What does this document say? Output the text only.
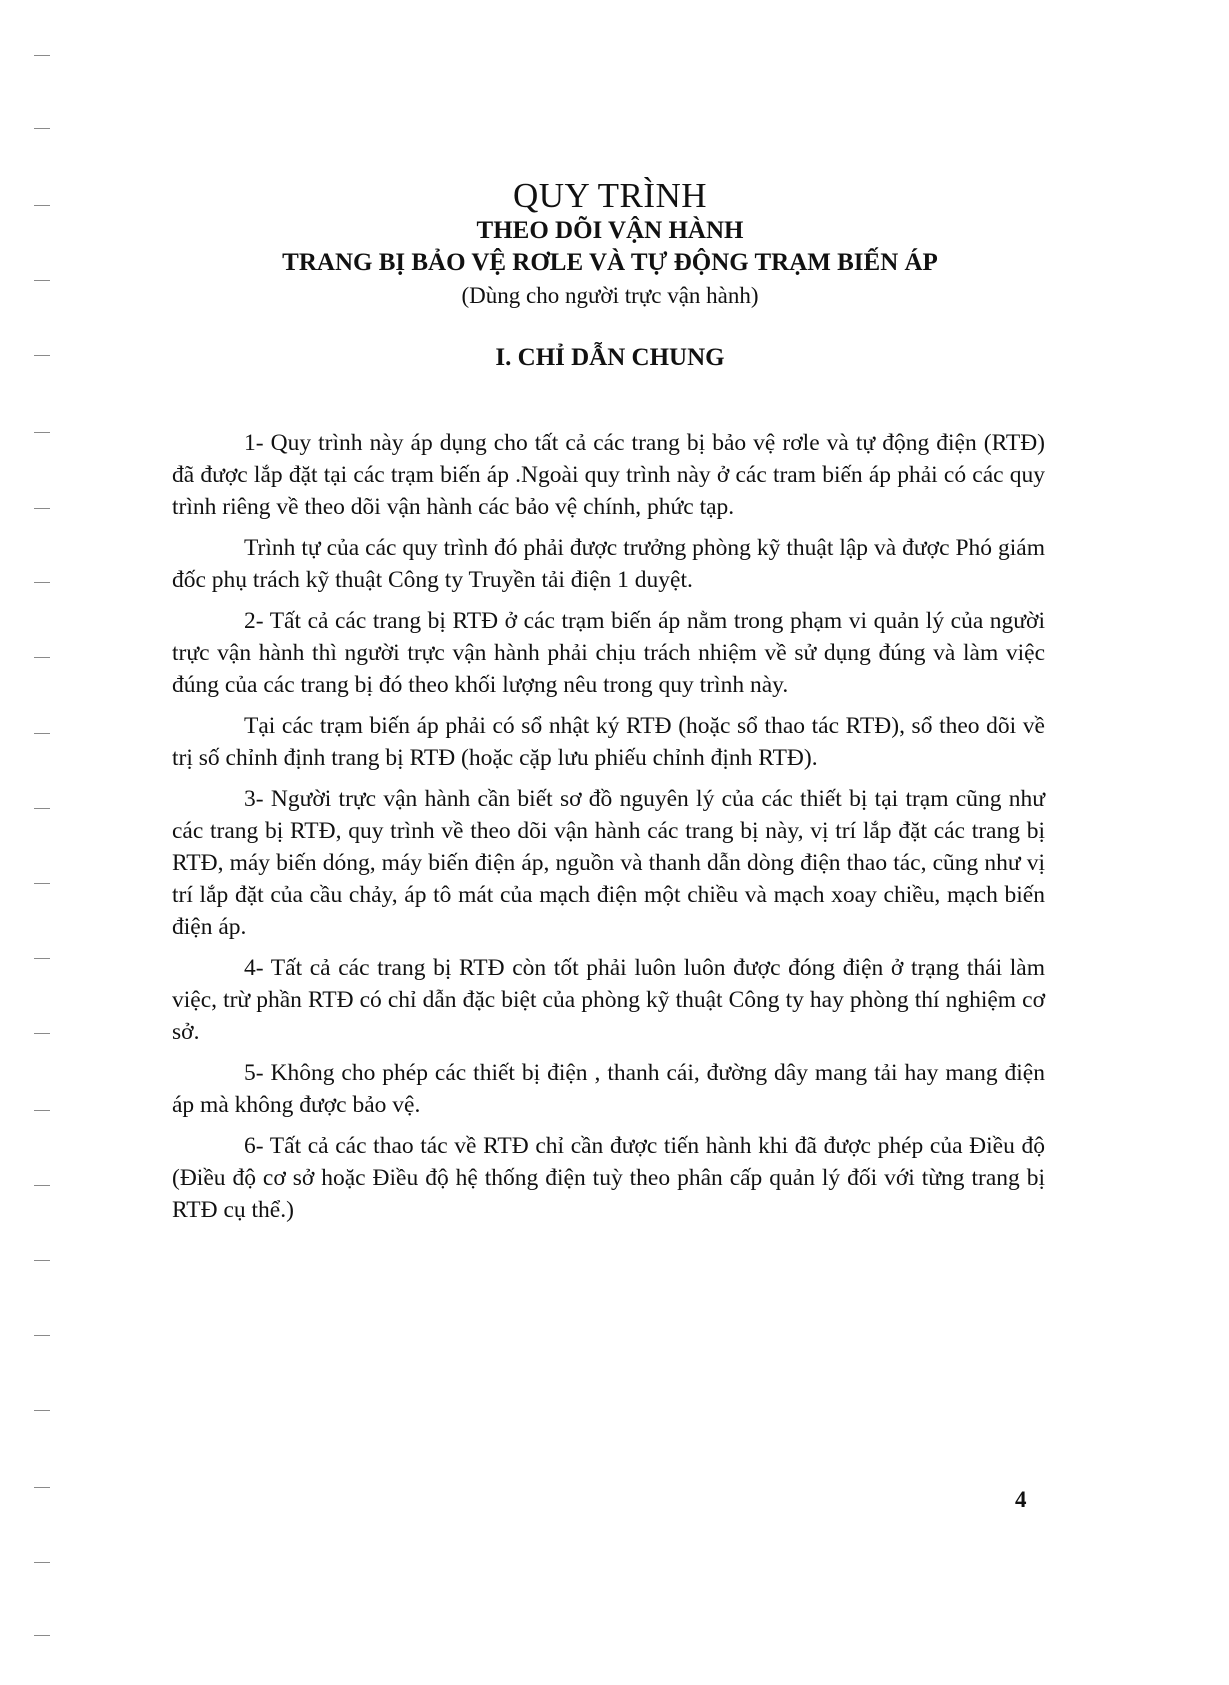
QUY TRÌNH
THEO DÕI VẬN HÀNH
TRANG BỊ BẢO VỆ RƠLE VÀ TỰ ĐỘNG TRẠM BIẾN ÁP
(Dùng cho người trực vận hành)
I. CHỈ DẪN CHUNG

1- Quy trình này áp dụng cho tất cả các trang bị bảo vệ rơle và tự động điện (RTĐ) đã được lắp đặt tại các trạm biến áp .Ngoài quy trình này ở các tram biến áp phải có các quy trình riêng về theo dõi vận hành các bảo vệ chính, phức tạp.

Trình tự của các quy trình đó phải được trưởng phòng kỹ thuật lập và được Phó giám đốc phụ trách kỹ thuật Công ty Truyền tải điện 1 duyệt.

2- Tất cả các trang bị RTĐ ở các trạm biến áp nằm trong phạm vi quản lý của người trực vận hành thì người trực vận hành phải chịu trách nhiệm về sử dụng đúng và làm việc đúng của các trang bị đó theo khối lượng nêu trong quy trình này.

Tại các trạm biến áp phải có sổ nhật ký RTĐ (hoặc sổ thao tác RTĐ), sổ theo dõi về trị số chỉnh định trang bị RTĐ (hoặc cặp lưu phiếu chỉnh định RTĐ).

3- Người trực vận hành cần biết sơ đồ nguyên lý của các thiết bị tại trạm cũng như các trang bị RTĐ, quy trình về theo dõi vận hành các trang bị này, vị trí lắp đặt các trang bị RTĐ, máy biến dóng, máy biến điện áp, nguồn và thanh dẫn dòng điện thao tác, cũng như vị trí lắp đặt của cầu chảy, áp tô mát của mạch điện một chiều và mạch xoay chiều, mạch biến điện áp.

4- Tất cả các trang bị RTĐ còn tốt phải luôn luôn được đóng điện ở trạng thái làm việc, trừ phần RTĐ có chỉ dẫn đặc biệt của phòng kỹ thuật Công ty hay phòng thí nghiệm cơ sở.

5- Không cho phép các thiết bị điện , thanh cái, đường dây mang tải hay mang điện áp mà không được bảo vệ.

6- Tất cả các thao tác về RTĐ chỉ cần được tiến hành khi đã được phép của Điều độ (Điều độ cơ sở hoặc Điều độ hệ thống điện tuỳ theo phân cấp quản lý đối với từng trang bị RTĐ cụ thể.)

4
